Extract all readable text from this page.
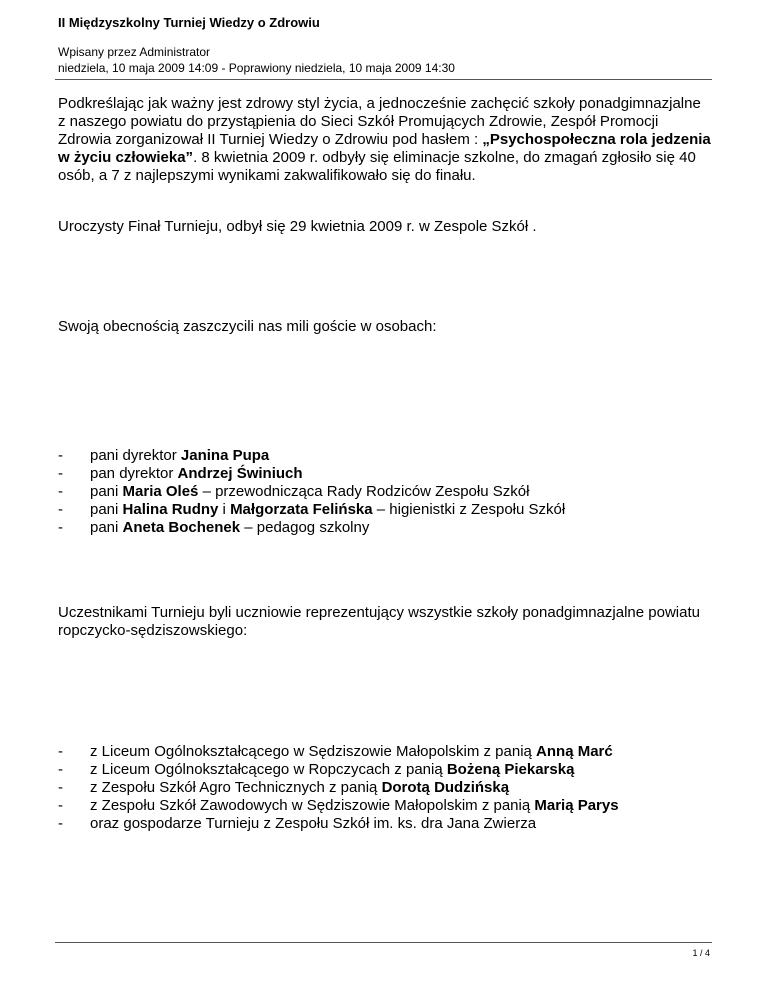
II Międzyszkolny Turniej Wiedzy o Zdrowiu
Wpisany przez Administrator
niedziela, 10 maja 2009 14:09 - Poprawiony niedziela, 10 maja 2009 14:30

Podkreślając jak ważny jest zdrowy styl życia, a jednocześnie zachęcić szkoły ponadgimnazjalne

z naszego powiatu do przystąpienia do Sieci Szkół Promujących Zdrowie, Zespół Promocji Zdrowia zorganizował II Turniej Wiedzy o Zdrowiu pod hasłem : „Psychospołeczna rola jedzenia

w życiu człowieka”. 8 kwietnia 2009 r. odbyły się eliminacje szkolne, do zmagań zgłosiło się 40 osób, a 7 z najlepszymi wynikami zakwalifikowało się do finału.

Uroczysty Finał Turnieju, odbył się 29 kwietnia 2009 r. w Zespole Szkół .
Swoją obecnością zaszczycili nas mili goście w osobach:
- pani dyrektor Janina Pupa
- pan dyrektor Andrzej Świniuch
- pani Maria Oleś – przewodnicząca Rady Rodziców Zespołu Szkół
- pani Halina Rudny i Małgorzata Felińska – higienistki z Zespołu Szkół
- pani Aneta Bochenek – pedagog szkolny
Uczestnikami Turnieju byli uczniowie reprezentujący wszystkie szkoły ponadgimnazjalne powiatu ropczycko-sędziszowskiego:
- z Liceum Ogólnokształcącego w Sędziszowie Małopolskim z panią Anną Marć
- z Liceum Ogólnokształcącego w Ropczycach z panią Bożeną Piekarską
- z Zespołu Szkół Agro Technicznych z panią Dorotą Dudzińską
- z Zespołu Szkół Zawodowych w Sędziszowie Małopolskim z panią Marią Parys
- oraz gospodarze Turnieju z Zespołu Szkół im. ks. dra Jana Zwierza
1 / 4
